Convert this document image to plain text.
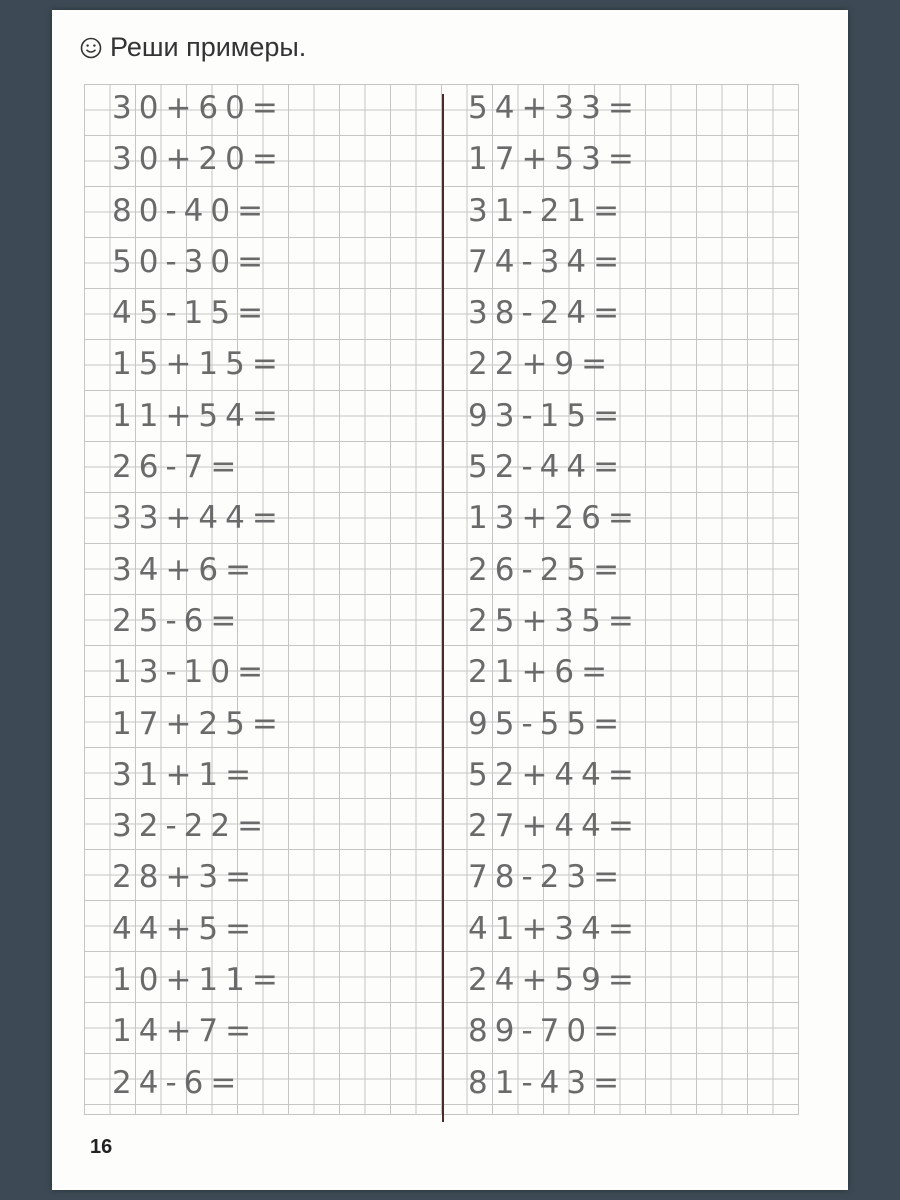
Реши примеры.
30+60=
30+20=
80-40=
50-30=
45-15=
15+15=
11+54=
26-7=
33+44=
34+6=
25-6=
13-10=
17+25=
31+1=
32-22=
28+3=
44+5=
10+11=
14+7=
24-6=
54+33=
17+53=
31-21=
74-34=
38-24=
22+9=
93-15=
52-44=
13+26=
26-25=
25+35=
21+6=
95-55=
52+44=
27+44=
78-23=
41+34=
24+59=
89-70=
81-43=
16
